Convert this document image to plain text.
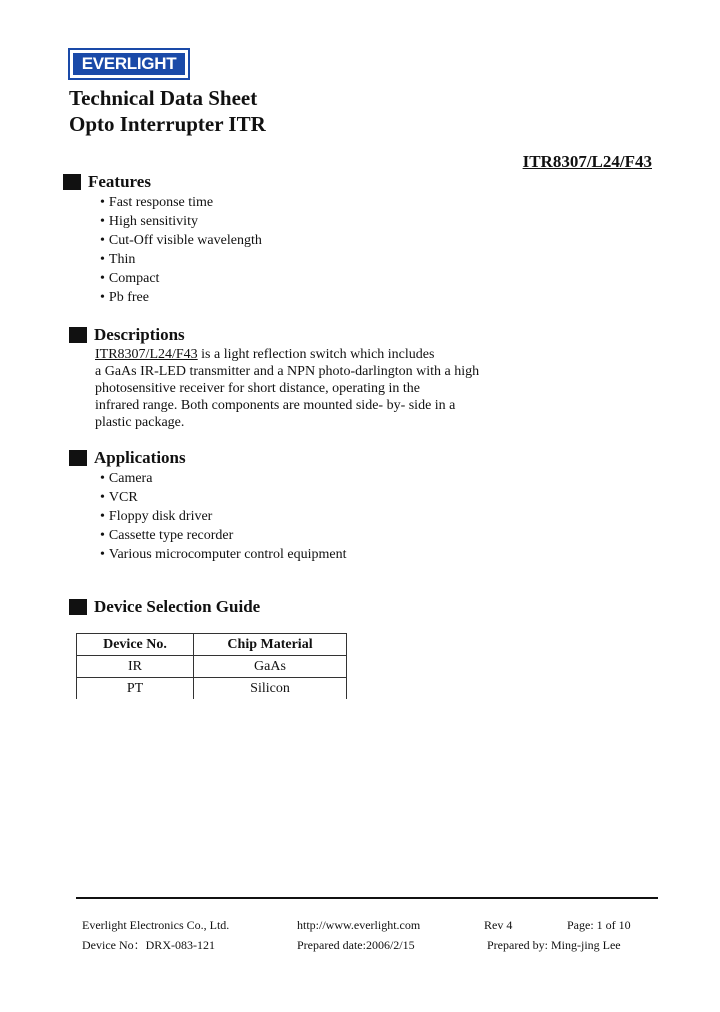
EVERLIGHT
Technical Data Sheet
Opto Interrupter ITR
ITR8307/L24/F43
Features
• Fast response time
• High sensitivity
• Cut-Off visible wavelength
• Thin
• Compact
• Pb free
Descriptions
ITR8307/L24/F43 is a light reflection switch which includes
a GaAs IR-LED transmitter and a NPN photo-darlington with a high
photosensitive receiver for short distance, operating in the
infrared range. Both components are mounted side- by- side in a
plastic package.
Applications
• Camera
• VCR
• Floppy disk driver
• Cassette type recorder
• Various microcomputer control equipment
Device Selection Guide
Device No.	Chip Material
IR	GaAs
PT	Silicon
Everlight Electronics Co., Ltd.	http://www.everlight.com	Rev 4	Page: 1 of 10
Device No：DRX-083-121	Prepared date:2006/2/15	Prepared by: Ming-jing Lee
